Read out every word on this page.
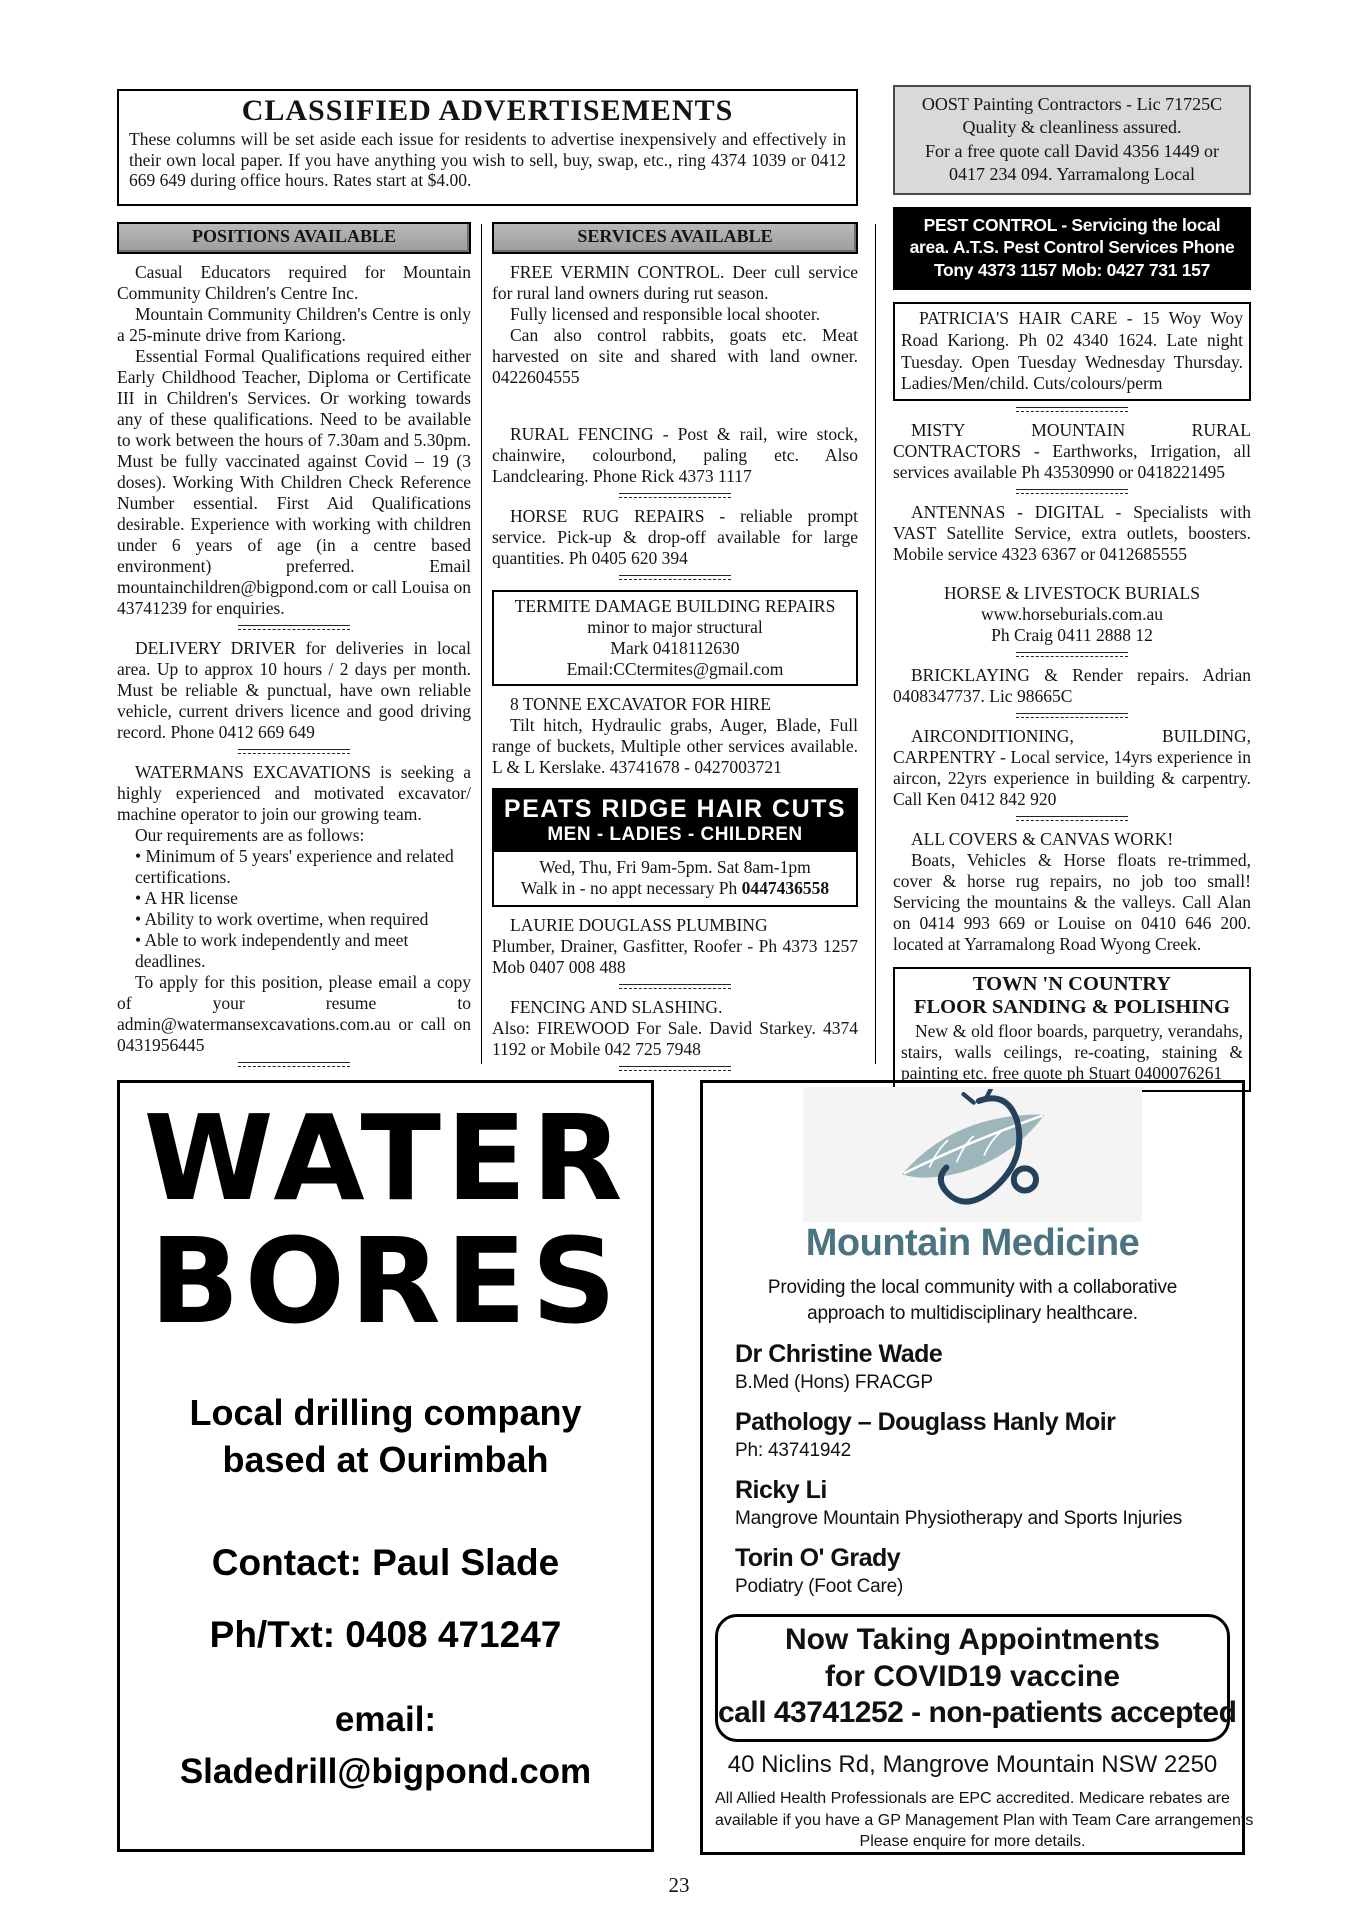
CLASSIFIED ADVERTISEMENTS
These columns will be set aside each issue for residents to advertise inexpensively and effectively in their own local paper. If you have anything you wish to sell, buy, swap, etc., ring 4374 1039 or 0412 669 649 during office hours. Rates start at $4.00.
POSITIONS AVAILABLE
Casual Educators required for Mountain Community Children's Centre Inc.
Mountain Community Children's Centre is only a 25-minute drive from Kariong.
Essential Formal Qualifications required either Early Childhood Teacher, Diploma or Certificate III in Children's Services. Or working towards any of these qualifications. Need to be available to work between the hours of 7.30am and 5.30pm. Must be fully vaccinated against Covid – 19 (3 doses). Working With Children Check Reference Number essential. First Aid Qualifications desirable. Experience with working with children under 6 years of age (in a centre based environment) preferred. Email mountainchildren@bigpond.com or call Louisa on 43741239 for enquiries.
DELIVERY DRIVER for deliveries in local area. Up to approx 10 hours / 2 days per month. Must be reliable & punctual, have own reliable vehicle, current drivers licence and good driving record. Phone 0412 669 649
WATERMANS EXCAVATIONS is seeking a highly experienced and motivated excavator/ machine operator to join our growing team.
Our requirements are as follows:
• Minimum of 5 years' experience and related certifications.
• A HR license
• Ability to work overtime, when required
• Able to work independently and meet deadlines.
To apply for this position, please email a copy of your resume to admin@watermansexcavations.com.au or call on 0431956445
SERVICES AVAILABLE
FREE VERMIN CONTROL. Deer cull service for rural land owners during rut season.
Fully licensed and responsible local shooter.
Can also control rabbits, goats etc. Meat harvested on site and shared with land owner. 0422604555
RURAL FENCING - Post & rail, wire stock, chainwire, colourbond, paling etc. Also Landclearing. Phone Rick 4373 1117
HORSE RUG REPAIRS - reliable prompt service. Pick-up & drop-off available for large quantities. Ph 0405 620 394
TERMITE DAMAGE BUILDING REPAIRS
minor to major structural
Mark 0418112630
Email:CCtermites@gmail.com
8 TONNE EXCAVATOR FOR HIRE
Tilt hitch, Hydraulic grabs, Auger, Blade, Full range of buckets, Multiple other services available. L & L Kerslake. 43741678 - 0427003721
PEATS RIDGE HAIR CUTS
MEN - LADIES - CHILDREN
Wed, Thu, Fri 9am-5pm. Sat 8am-1pm
Walk in - no appt necessary Ph 0447436558
LAURIE DOUGLASS PLUMBING
Plumber, Drainer, Gasfitter, Roofer - Ph 4373 1257 Mob 0407 008 488
FENCING AND SLASHING.
Also: FIREWOOD For Sale. David Starkey. 4374 1192 or Mobile 042 725 7948
OOST Painting Contractors - Lic 71725C
Quality & cleanliness assured.
For a free quote call David 4356 1449 or
0417 234 094. Yarramalong Local
PEST CONTROL - Servicing the local
area. A.T.S. Pest Control Services Phone
Tony 4373 1157 Mob: 0427 731 157
PATRICIA'S HAIR CARE - 15 Woy Woy Road Kariong. Ph 02 4340 1624. Late night Tuesday. Open Tuesday Wednesday Thursday. Ladies/Men/child. Cuts/colours/perm
MISTY MOUNTAIN RURAL CONTRACTORS - Earthworks, Irrigation, all services available Ph 43530990 or 0418221495
ANTENNAS - DIGITAL - Specialists with VAST Satellite Service, extra outlets, boosters. Mobile service 4323 6367 or 0412685555
HORSE & LIVESTOCK BURIALS
www.horseburials.com.au
Ph Craig 0411 2888 12
BRICKLAYING & Render repairs. Adrian 0408347737. Lic 98665C
AIRCONDITIONING, BUILDING, CARPENTRY - Local service, 14yrs experience in aircon, 22yrs experience in building & carpentry. Call Ken 0412 842 920
ALL COVERS & CANVAS WORK!
Boats, Vehicles & Horse floats re-trimmed, cover & horse rug repairs, no job too small! Servicing the mountains & the valleys. Call Alan on 0414 993 669 or Louise on 0410 646 200. located at Yarramalong Road Wyong Creek.
TOWN 'N COUNTRY
FLOOR SANDING & POLISHING
New & old floor boards, parquetry, verandahs, stairs, walls ceilings, re-coating, staining & painting etc. free quote ph Stuart 0400076261
WATER
BORES
Local drilling company
based at Ourimbah
Contact: Paul Slade
Ph/Txt: 0408 471247
email:
Sladedrill@bigpond.com
Mountain Medicine
Providing the local community with a collaborative
approach to multidisciplinary healthcare.
Dr Christine Wade
B.Med (Hons) FRACGP
Pathology – Douglass Hanly Moir
Ph: 43741942
Ricky Li
Mangrove Mountain Physiotherapy and Sports Injuries
Torin O' Grady
Podiatry (Foot Care)
Now Taking Appointments
for COVID19 vaccine
call 43741252 - non-patients accepted
40 Niclins Rd, Mangrove Mountain NSW 2250
All Allied Health Professionals are EPC accredited. Medicare rebates are
available if you have a GP Management Plan with Team Care arrangements
Please enquire for more details.
23
